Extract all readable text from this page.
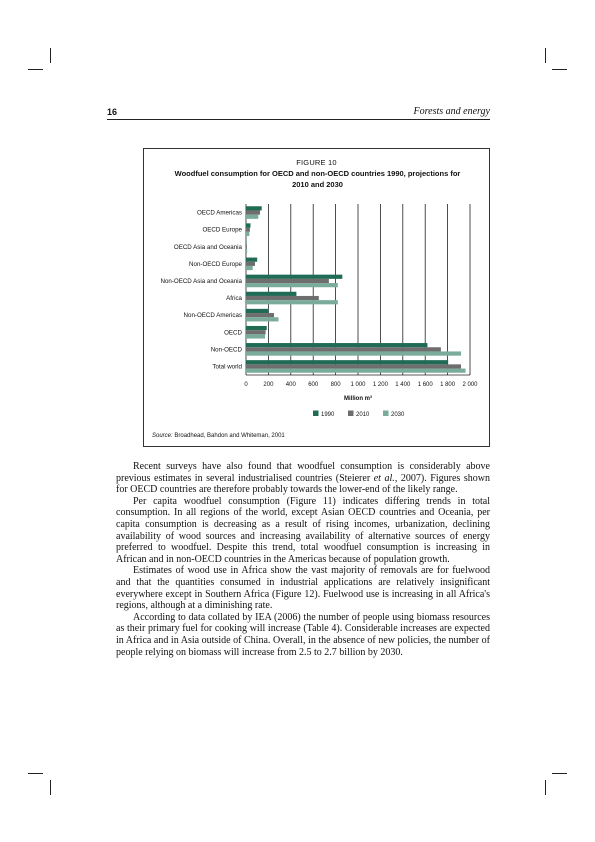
16	Forests and energy
FIGURE 10
Woodfuel consumption for OECD and non-OECD countries 1990, projections for 2010 and 2030
Source: Broadhead, Bahdon and Whiteman, 2001
0	200 400 600 800 1 000 1 200 1 400 1 600 1 800 2 000
Million m³
OECD Americas
OECD Europe
OECD Asia and Oceania
Non-OECD Europe
Non-OECD Asia and Oceania
Africa
Non-OECD Americas
OECD
Non-OECD
Total world
1990	2010	2030

Recent surveys have also found that woodfuel consumption is considerably above previous estimates in several industrialised countries (Steierer et al., 2007). Figures shown for OECD countries are therefore probably towards the lower-end of the likely range.

Per capita woodfuel consumption (Figure 11) indicates differing trends in total consumption. In all regions of the world, except Asian OECD countries and Oceania, per capita consumption is decreasing as a result of rising incomes, urbanization, declining availability of wood sources and increasing availability of alternative sources of energy preferred to woodfuel. Despite this trend, total woodfuel consumption is increasing in African and in non-OECD countries in the Americas because of population growth.

Estimates of wood use in Africa show the vast majority of removals are for fuelwood and that the quantities consumed in industrial applications are relatively insignificant everywhere except in Southern Africa (Figure 12). Fuelwood use is increasing in all Africa's regions, although at a diminishing rate.

According to data collated by IEA (2006) the number of people using biomass resources as their primary fuel for cooking will increase (Table 4). Considerable increases are expected in Africa and in Asia outside of China. Overall, in the absence of new policies, the number of people relying on biomass will increase from 2.5 to 2.7 billion by 2030.
